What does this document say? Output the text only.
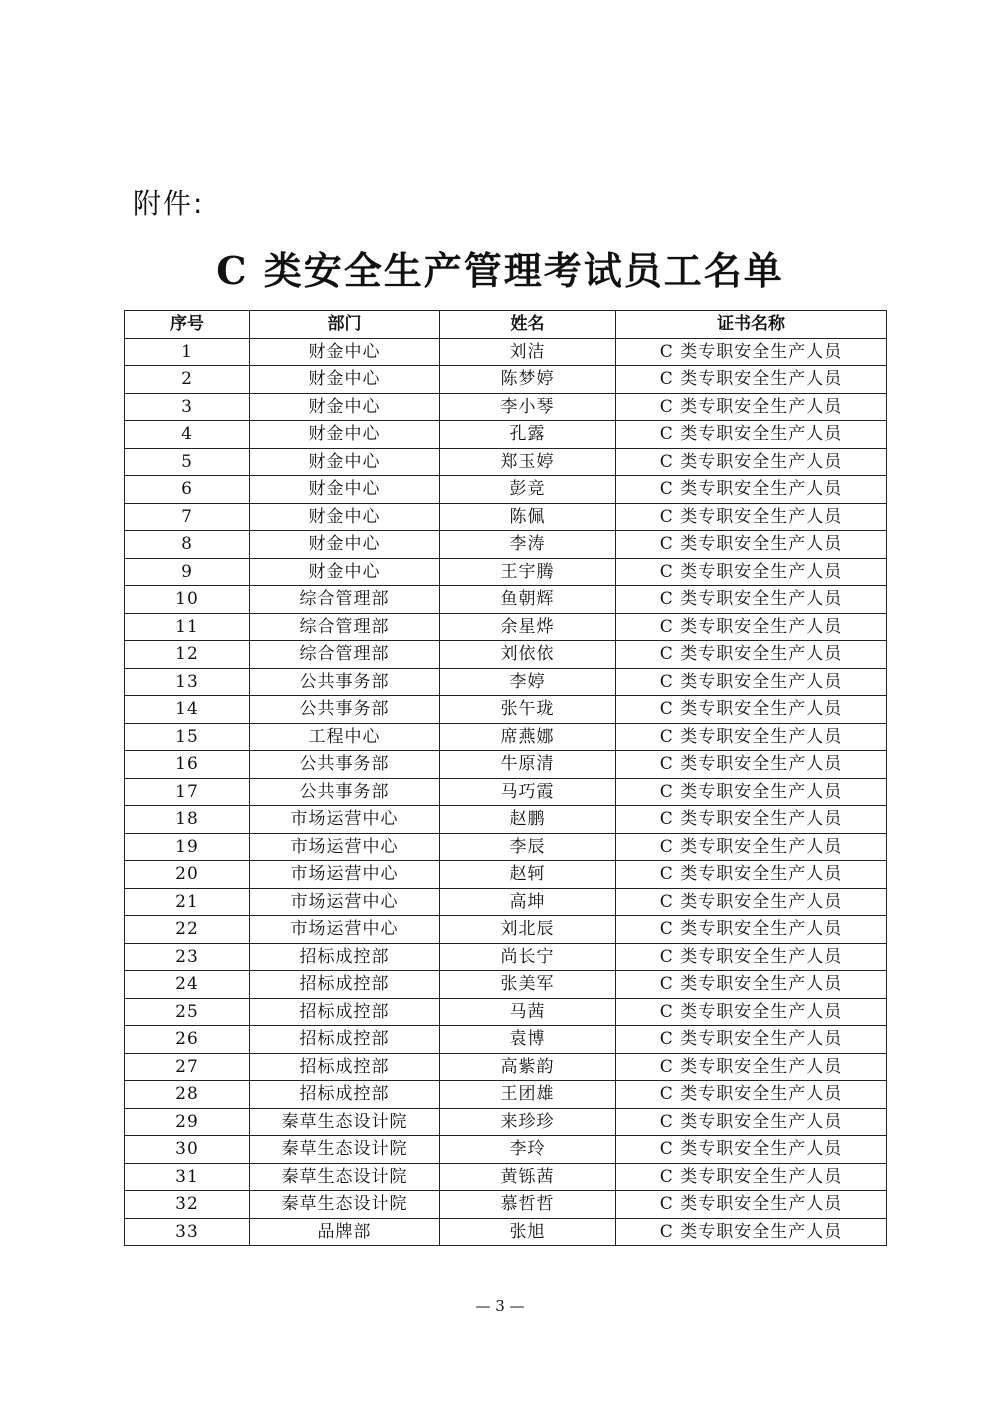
附件:
C 类安全生产管理考试员工名单
序号	部门	姓名	证书名称
1	财金中心	刘洁	C 类专职安全生产人员
2	财金中心	陈梦婷	C 类专职安全生产人员
3	财金中心	李小琴	C 类专职安全生产人员
4	财金中心	孔露	C 类专职安全生产人员
5	财金中心	郑玉婷	C 类专职安全生产人员
6	财金中心	彭竞	C 类专职安全生产人员
7	财金中心	陈佩	C 类专职安全生产人员
8	财金中心	李涛	C 类专职安全生产人员
9	财金中心	王宇腾	C 类专职安全生产人员
10	综合管理部	鱼朝辉	C 类专职安全生产人员
11	综合管理部	余星烨	C 类专职安全生产人员
12	综合管理部	刘依依	C 类专职安全生产人员
13	公共事务部	李婷	C 类专职安全生产人员
14	公共事务部	张午珑	C 类专职安全生产人员
15	工程中心	席燕娜	C 类专职安全生产人员
16	公共事务部	牛原清	C 类专职安全生产人员
17	公共事务部	马巧霞	C 类专职安全生产人员
18	市场运营中心	赵鹏	C 类专职安全生产人员
19	市场运营中心	李辰	C 类专职安全生产人员
20	市场运营中心	赵轲	C 类专职安全生产人员
21	市场运营中心	高坤	C 类专职安全生产人员
22	市场运营中心	刘北辰	C 类专职安全生产人员
23	招标成控部	尚长宁	C 类专职安全生产人员
24	招标成控部	张美军	C 类专职安全生产人员
25	招标成控部	马茜	C 类专职安全生产人员
26	招标成控部	袁博	C 类专职安全生产人员
27	招标成控部	高紫韵	C 类专职安全生产人员
28	招标成控部	王团雄	C 类专职安全生产人员
29	秦草生态设计院	来珍珍	C 类专职安全生产人员
30	秦草生态设计院	李玲	C 类专职安全生产人员
31	秦草生态设计院	黄铄茜	C 类专职安全生产人员
32	秦草生态设计院	慕哲哲	C 类专职安全生产人员
33	品牌部	张旭	C 类专职安全生产人员
— 3 —
